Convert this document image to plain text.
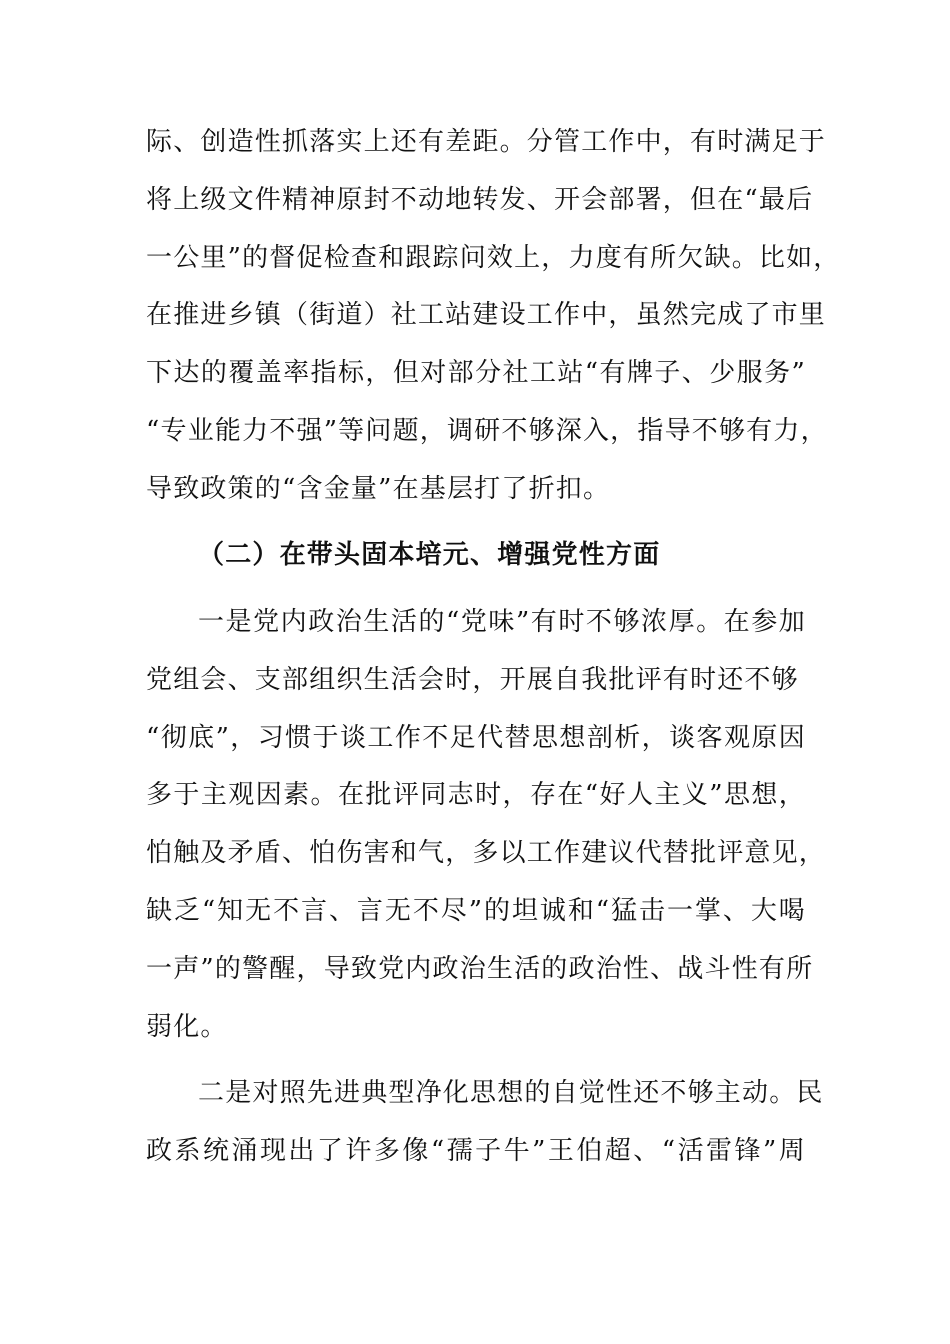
际、创造性抓落实上还有差距。分管工作中，有时满足于
将上级文件精神原封不动地转发、开会部署，但在“最后
一公里”的督促检查和跟踪问效上，力度有所欠缺。比如，
在推进乡镇（街道）社工站建设工作中，虽然完成了市里
下达的覆盖率指标，但对部分社工站“有牌子、少服务”
“专业能力不强”等问题，调研不够深入，指导不够有力，
导致政策的“含金量”在基层打了折扣。
（二）在带头固本培元、增强党性方面
一是党内政治生活的“党味”有时不够浓厚。在参加
党组会、支部组织生活会时，开展自我批评有时还不够
“彻底”，习惯于谈工作不足代替思想剖析，谈客观原因
多于主观因素。在批评同志时，存在“好人主义”思想，
怕触及矛盾、怕伤害和气，多以工作建议代替批评意见，
缺乏“知无不言、言无不尽”的坦诚和“猛击一掌、大喝
一声”的警醒，导致党内政治生活的政治性、战斗性有所
弱化。
二是对照先进典型净化思想的自觉性还不够主动。民
政系统涌现出了许多像“孺子牛”王伯超、“活雷锋”周
